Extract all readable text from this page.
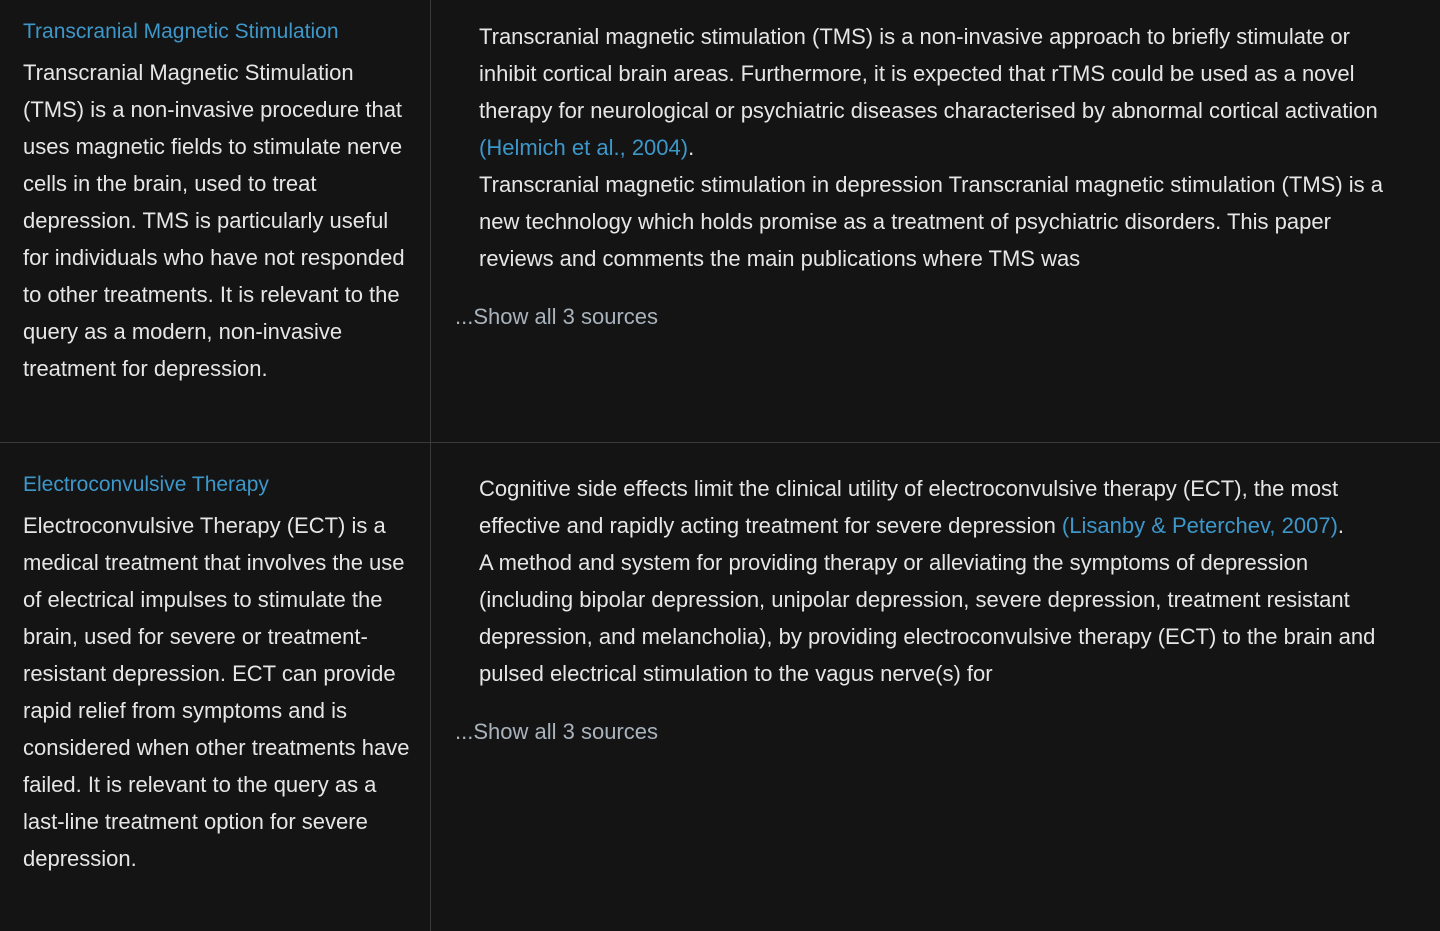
Transcranial Magnetic Stimulation

Transcranial Magnetic Stimulation (TMS) is a non-invasive procedure that uses magnetic fields to stimulate nerve cells in the brain, used to treat depression. TMS is particularly useful for individuals who have not responded to other treatments. It is relevant to the query as a modern, non-invasive treatment for depression.

Transcranial magnetic stimulation (TMS) is a non-invasive approach to briefly stimulate or inhibit cortical brain areas. Furthermore, it is expected that rTMS could be used as a novel therapy for neurological or psychiatric diseases characterised by abnormal cortical activation (Helmich et al., 2004).

Transcranial magnetic stimulation in depression Transcranial magnetic stimulation (TMS) is a new technology which holds promise as a treatment of psychiatric disorders. This paper reviews and comments the main publications where TMS was

...Show all 3 sources
Electroconvulsive Therapy

Electroconvulsive Therapy (ECT) is a medical treatment that involves the use of electrical impulses to stimulate the brain, used for severe or treatment-resistant depression. ECT can provide rapid relief from symptoms and is considered when other treatments have failed. It is relevant to the query as a last-line treatment option for severe depression.

Cognitive side effects limit the clinical utility of electroconvulsive therapy (ECT), the most effective and rapidly acting treatment for severe depression (Lisanby & Peterchev, 2007).

A method and system for providing therapy or alleviating the symptoms of depression (including bipolar depression, unipolar depression, severe depression, treatment resistant depression, and melancholia), by providing electroconvulsive therapy (ECT) to the brain and pulsed electrical stimulation to the vagus nerve(s) for

...Show all 3 sources
